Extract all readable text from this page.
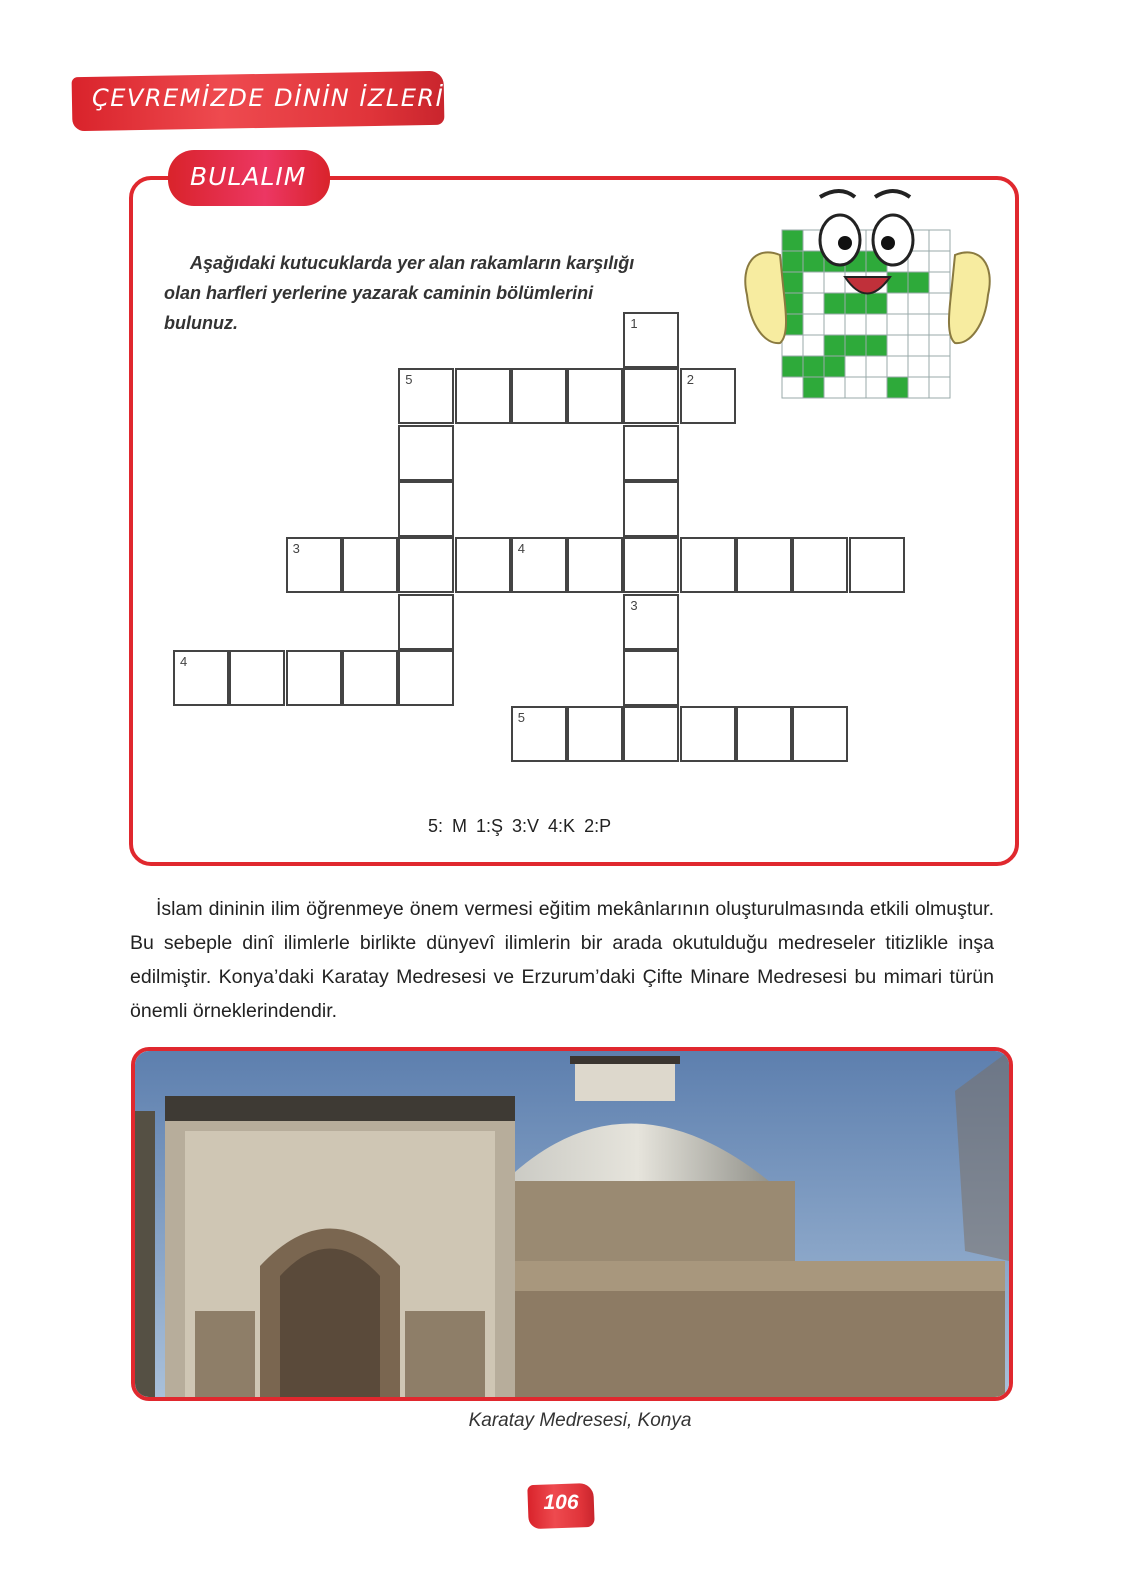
ÇEVREMİZDE DİNİN İZLERİ
BULALIM
Aşağıdaki kutucuklarda yer alan rakamların karşılığı olan harfleri yerlerine yazarak caminin bölümlerini bulunuz.	1
5	2
3	4
3
4
5
5: M 1:Ş 3:V 4:K 2:P
İslam dininin ilim öğrenmeye önem vermesi eğitim mekânlarının oluşturulmasında etkili olmuştur. Bu sebeple dinî ilimlerle birlikte dünyevî ilimlerin bir arada okutulduğu medreseler titizlikle inşa edilmiştir. Konya’daki Karatay Medresesi ve Erzurum’daki Çifte Minare Medresesi bu mimari türün önemli örneklerindendir.
Karatay Medresesi, Konya
106
